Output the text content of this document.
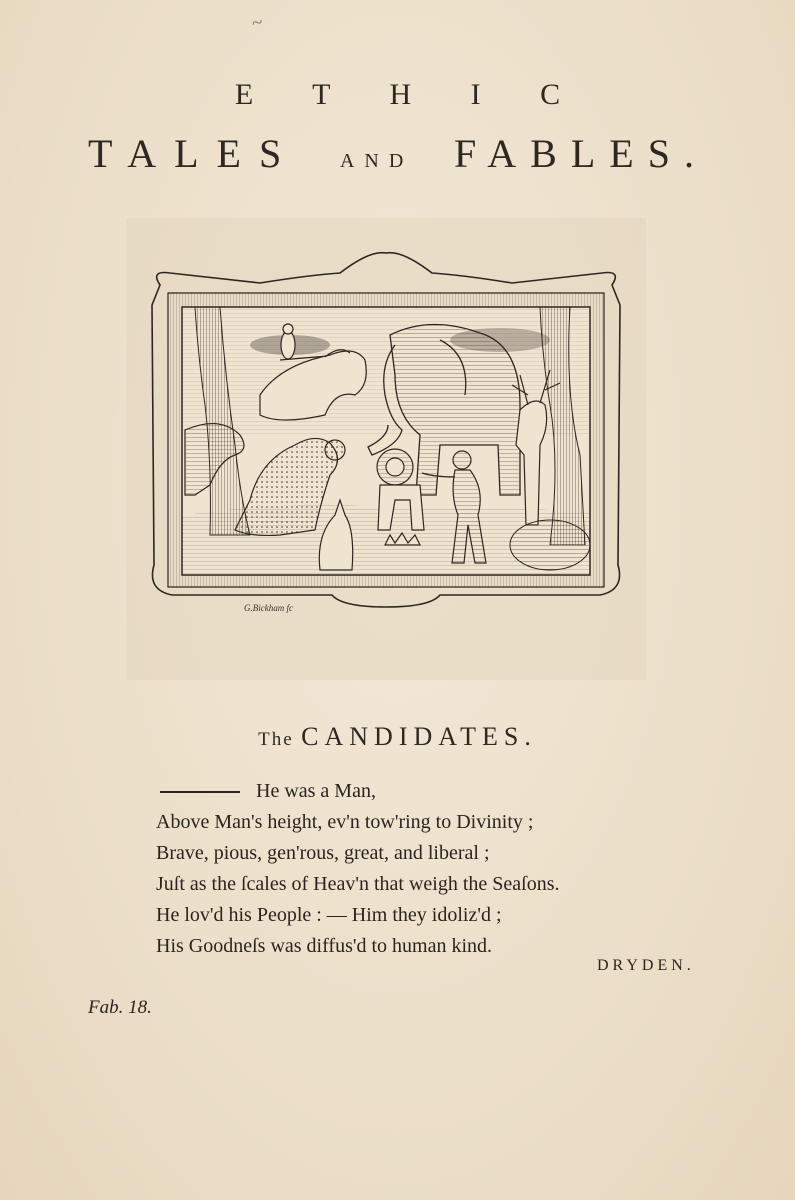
~
E T H I C
TALES AND FABLES.
G.Bickham fc
The CANDIDATES.
He was a Man,
Above Man's height, ev'n tow'ring to Divinity ;
Brave, pious, gen'rous, great, and liberal ;
Juſt as the ſcales of Heav'n that weigh the Seaſons.
He lov'd his People : — Him they idoliz'd ;
His Goodneſs was diffus'd to human kind.
DRYDEN.
Fab. 18.
